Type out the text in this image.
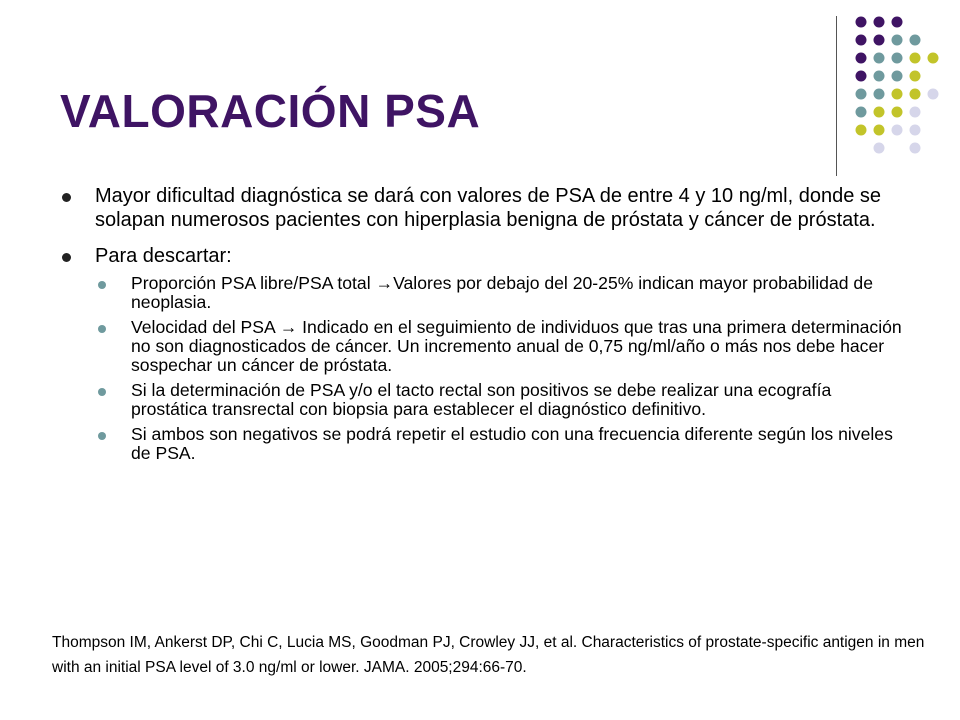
VALORACIÓN PSA
Mayor dificultad diagnóstica se dará con valores de PSA de entre 4 y 10 ng/ml, donde se solapan numerosos pacientes con hiperplasia benigna de próstata y cáncer de próstata.
Para descartar:
Proporción PSA libre/PSA total →Valores por debajo del 20-25% indican mayor probabilidad de neoplasia.
Velocidad del PSA → Indicado en el seguimiento de individuos que tras una primera determinación no son diagnosticados de cáncer. Un incremento anual de 0,75 ng/ml/año o más nos debe hacer sospechar un cáncer de próstata.
Si la determinación de PSA y/o el tacto rectal son positivos se debe realizar una ecografía prostática transrectal con biopsia para establecer el diagnóstico definitivo.
Si ambos son negativos se podrá repetir el estudio con una frecuencia diferente según los niveles de PSA.
Thompson IM, Ankerst DP, Chi C, Lucia MS, Goodman PJ, Crowley JJ, et al. Characteristics of prostate-specific antigen in men with an initial PSA level of 3.0 ng/ml or lower. JAMA. 2005;294:66-70.
